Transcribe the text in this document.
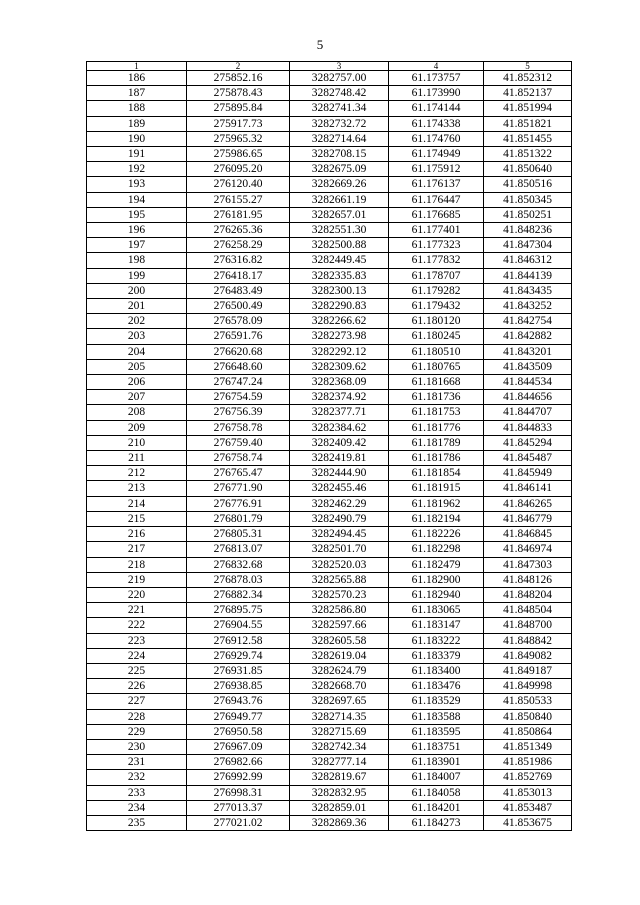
5
1	2	3	4	5
186	275852.16	3282757.00	61.173757	41.852312
187	275878.43	3282748.42	61.173990	41.852137
188	275895.84	3282741.34	61.174144	41.851994
189	275917.73	3282732.72	61.174338	41.851821
190	275965.32	3282714.64	61.174760	41.851455
191	275986.65	3282708.15	61.174949	41.851322
192	276095.20	3282675.09	61.175912	41.850640
193	276120.40	3282669.26	61.176137	41.850516
194	276155.27	3282661.19	61.176447	41.850345
195	276181.95	3282657.01	61.176685	41.850251
196	276265.36	3282551.30	61.177401	41.848236
197	276258.29	3282500.88	61.177323	41.847304
198	276316.82	3282449.45	61.177832	41.846312
199	276418.17	3282335.83	61.178707	41.844139
200	276483.49	3282300.13	61.179282	41.843435
201	276500.49	3282290.83	61.179432	41.843252
202	276578.09	3282266.62	61.180120	41.842754
203	276591.76	3282273.98	61.180245	41.842882
204	276620.68	3282292.12	61.180510	41.843201
205	276648.60	3282309.62	61.180765	41.843509
206	276747.24	3282368.09	61.181668	41.844534
207	276754.59	3282374.92	61.181736	41.844656
208	276756.39	3282377.71	61.181753	41.844707
209	276758.78	3282384.62	61.181776	41.844833
210	276759.40	3282409.42	61.181789	41.845294
211	276758.74	3282419.81	61.181786	41.845487
212	276765.47	3282444.90	61.181854	41.845949
213	276771.90	3282455.46	61.181915	41.846141
214	276776.91	3282462.29	61.181962	41.846265
215	276801.79	3282490.79	61.182194	41.846779
216	276805.31	3282494.45	61.182226	41.846845
217	276813.07	3282501.70	61.182298	41.846974
218	276832.68	3282520.03	61.182479	41.847303
219	276878.03	3282565.88	61.182900	41.848126
220	276882.34	3282570.23	61.182940	41.848204
221	276895.75	3282586.80	61.183065	41.848504
222	276904.55	3282597.66	61.183147	41.848700
223	276912.58	3282605.58	61.183222	41.848842
224	276929.74	3282619.04	61.183379	41.849082
225	276931.85	3282624.79	61.183400	41.849187
226	276938.85	3282668.70	61.183476	41.849998
227	276943.76	3282697.65	61.183529	41.850533
228	276949.77	3282714.35	61.183588	41.850840
229	276950.58	3282715.69	61.183595	41.850864
230	276967.09	3282742.34	61.183751	41.851349
231	276982.66	3282777.14	61.183901	41.851986
232	276992.99	3282819.67	61.184007	41.852769
233	276998.31	3282832.95	61.184058	41.853013
234	277013.37	3282859.01	61.184201	41.853487
235	277021.02	3282869.36	61.184273	41.853675
